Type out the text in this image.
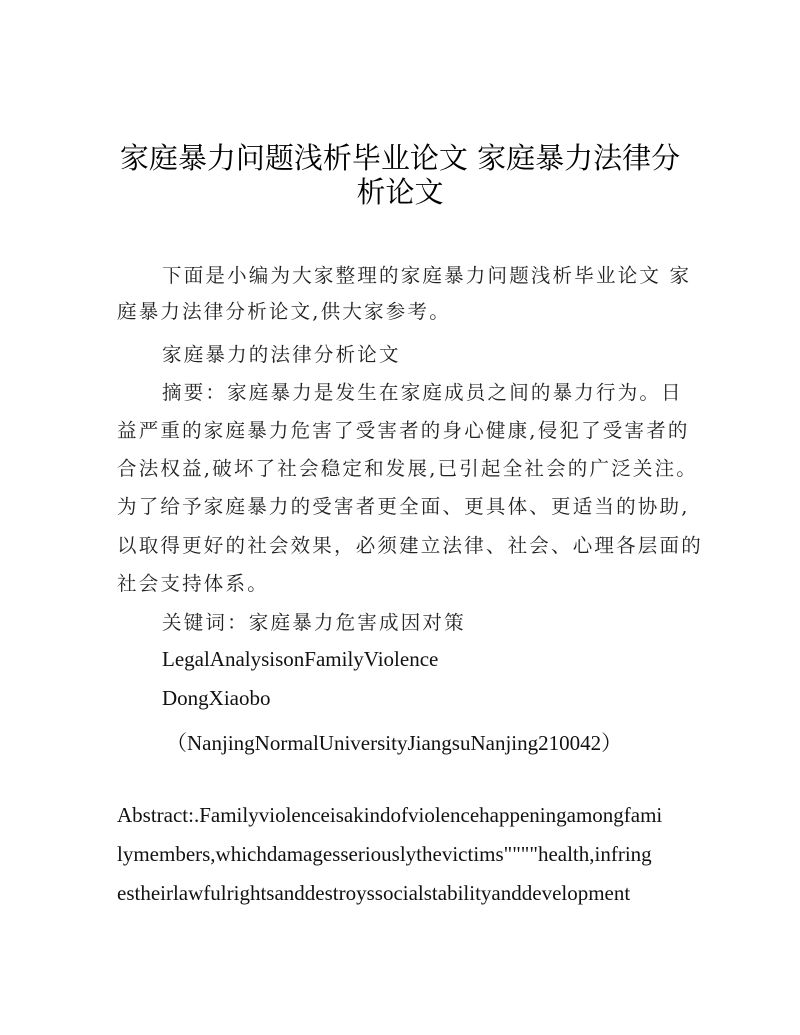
家庭暴力问题浅析毕业论文 家庭暴力法律分
析论文
下面是小编为大家整理的家庭暴力问题浅析毕业论文 家
庭暴力法律分析论文,供大家参考。
家庭暴力的法律分析论文
摘要：家庭暴力是发生在家庭成员之间的暴力行为。日
益严重的家庭暴力危害了受害者的身心健康,侵犯了受害者的
合法权益,破坏了社会稳定和发展,已引起全社会的广泛关注。
为了给予家庭暴力的受害者更全面、更具体、更适当的协助,
以取得更好的社会效果，必须建立法律、社会、心理各层面的
社会支持体系。
关键词：家庭暴力危害成因对策
LegalAnalysisonFamilyViolence
DongXiaobo
（NanjingNormalUniversityJiangsuNanjing210042）
Abstract:.Familyviolenceisakindofviolencehappeningamongfami
lymembers,whichdamagesseriouslythevictims""""health,infring
estheirlawfulrightsanddestroyssocialstabilityanddevelopment
